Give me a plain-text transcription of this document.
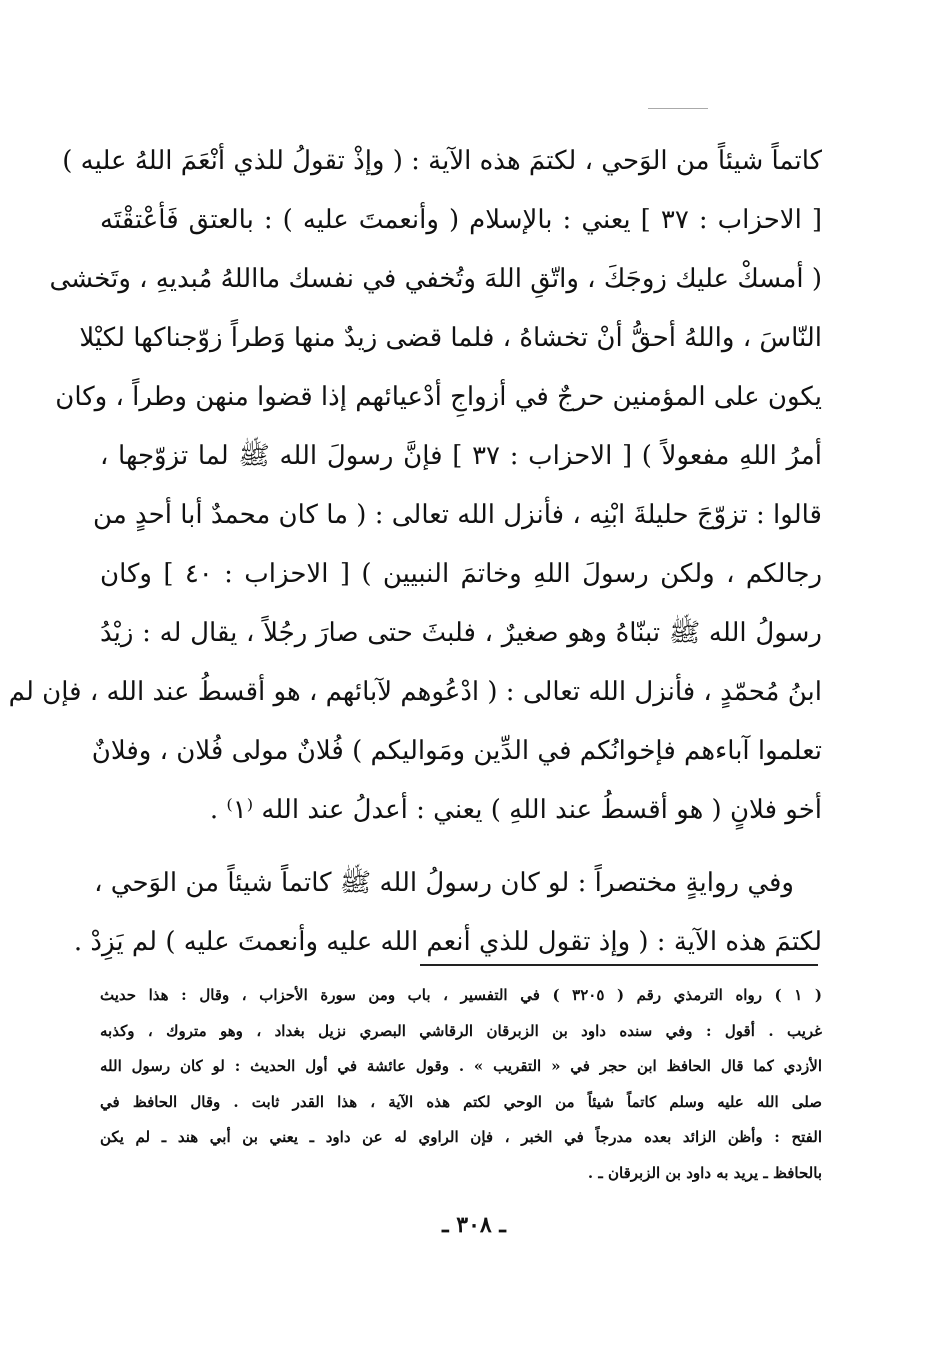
كاتماً شيئاً من الوَحي ، لكتمَ هذه الآية : ( وإذْ تقولُ للذي أنْعَمَ اللهُ عليه )
[ الاحزاب : ٣٧ ] يعني : بالإسلام ( وأنعمتَ عليه ) : بالعتق فَأعْتقْتَه
( أمسكْ عليك زوجَكَ ، واتّقِ اللهَ وتُخفي في نفسك مااللهُ مُبديهِ ، وتَخشى
النّاسَ ، واللهُ أحقُّ أنْ تخشاهُ ، فلما قضى زيدٌ منها وَطراً زوّجناكها لكيْلا
يكون على المؤمنين حرجٌ في أزواجِ أدْعيائهم إذا قضوا منهن وطراً ، وكان
أمرُ اللهِ مفعولاً ) [ الاحزاب : ٣٧ ] فإنَّ رسولَ الله ﷺ لما تزوّجها ،
قالوا : تزوّجَ حليلةَ ابْنِه ، فأنزل الله تعالى : ( ما كان محمدٌ أبا أحدٍ من
رجالكم ، ولكن رسولَ اللهِ وخاتمَ النبيين ) [ الاحزاب : ٤٠ ] وكان
رسولُ الله ﷺ تبنّاهُ وهو صغيرٌ ، فلبثَ حتى صارَ رجُلاً ، يقال له : زيْدُ
ابنُ مُحمّدٍ ، فأنزل الله تعالى : ( ادْعُوهم لآبائهم ، هو أقسطُ عند الله ، فإن لم
تعلموا آباءهم فإخوانُكم في الدِّين ومَواليكم ) فُلانٌ مولى فُلان ، وفلانٌ
أخو فلانٍ ( هو أقسطُ عند اللهِ ) يعني : أعدلُ عند الله ⁽١⁾ .
وفي روايةٍ مختصراً : لو كان رسولُ الله ﷺ كاتماً شيئاً من الوَحي ،
لكتمَ هذه الآية : ( وإذ تقول للذي أنعم الله عليه وأنعمتَ عليه ) لم يَزِدْ .
( ١ ) رواه الترمذي رقم ( ٣٢٠٥ ) في التفسير ، باب ومن سورة الأحزاب ، وقال : هذا حديث
غريب . أقول : وفي سنده داود بن الزبرقان الرقاشي البصري نزيل بغداد ، وهو متروك ، وكذبه
الأزدي كما قال الحافظ ابن حجر في « التقريب » . وقول عائشة في أول الحديث : لو كان رسول الله
صلى الله عليه وسلم كاتماً شيئاً من الوحي لكتم هذه الآية ، هذا القدر ثابت . وقال الحافظ في
الفتح : وأظن الزائد بعده مدرجاً في الخبر ، فإن الراوي له عن داود ـ يعني بن أبي هند ـ لم يكن
بالحافظ ـ يريد به داود بن الزبرقان ـ .
ـ ٣٠٨ ـ
